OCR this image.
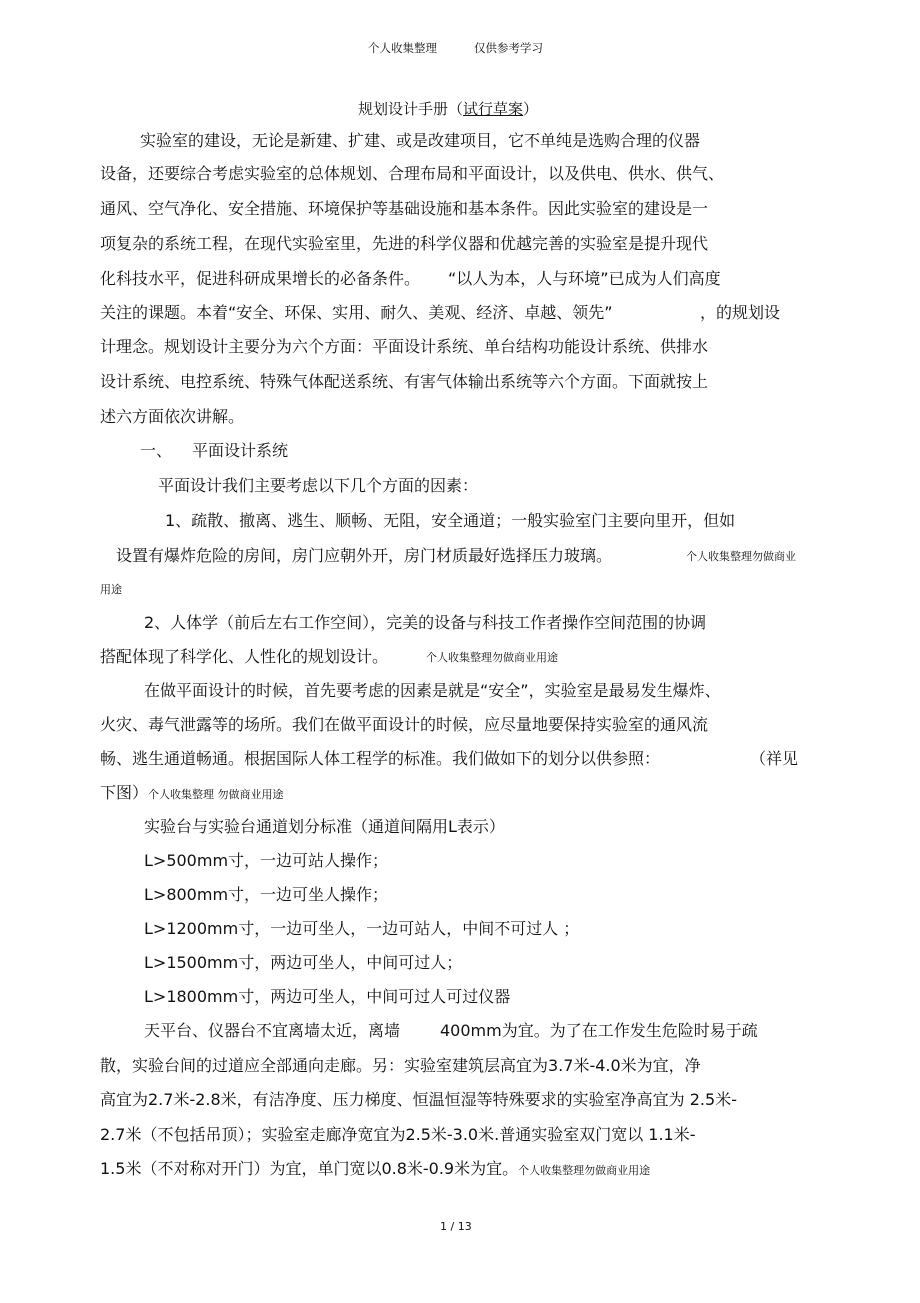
个人收集整理	仅供参考学习
规划设计手册（试行草案）
实验室的建设，无论是新建、扩建、或是改建项目，它不单纯是选购合理的仪器
设备，还要综合考虑实验室的总体规划、合理布局和平面设计，以及供电、供水、供气、
通风、空气净化、安全措施、环境保护等基础设施和基本条件。因此实验室的建设是一
项复杂的系统工程，在现代实验室里，先进的科学仪器和优越完善的实验室是提升现代
化科技水平，促进科研成果增长的必备条件。 “以人为本，人与环境”已成为人们高度
关注的课题。本着“安全、环保、实用、耐久、美观、经济、卓越、领先”	，的规划设
计理念。规划设计主要分为六个方面：平面设计系统、单台结构功能设计系统、供排水
设计系统、电控系统、特殊气体配送系统、有害气体输出系统等六个方面。下面就按上
述六方面依次讲解。
一、 平面设计系统
平面设计我们主要考虑以下几个方面的因素：
1、疏散、撤离、逃生、顺畅、无阻，安全通道；一般实验室门主要向里开，但如
设置有爆炸危险的房间，房门应朝外开，房门材质最好选择压力玻璃。	个人收集整理勿做商业
用途
2、人体学（前后左右工作空间），完美的设备与科技工作者操作空间范围的协调
搭配体现了科学化、人性化的规划设计。	个人收集整理勿做商业用途
在做平面设计的时候，首先要考虑的因素是就是“安全”，实验室是最易发生爆炸、
火灾、毒气泄露等的场所。我们在做平面设计的时候，应尽量地要保持实验室的通风流
畅、逃生通道畅通。根据国际人体工程学的标准。我们做如下的划分以供参照：	（祥见
下图）个人收集整理 勿做商业用途
实验台与实验台通道划分标准（通道间隔用L表示）
L>500mm寸，一边可站人操作；
L>800mm寸，一边可坐人操作；
L>1200mm寸，一边可坐人，一边可站人，中间不可过人 ；
L>1500mm寸，两边可坐人，中间可过人；
L>1800mm寸，两边可坐人，中间可过人可过仪器
天平台、仪器台不宜离墙太近，离墙 400mm为宜。为了在工作发生危险时易于疏
散，实验台间的过道应全部通向走廊。另：实验室建筑层高宜为3.7米-4.0米为宜，净
高宜为2.7米-2.8米，有洁净度、压力梯度、恒温恒湿等特殊要求的实验室净高宜为 2.5米-
2.7米（不包括吊顶）；实验室走廊净宽宜为2.5米-3.0米.普通实验室双门宽以 1.1米-
1.5米（不对称对开门）为宜，单门宽以0.8米-0.9米为宜。个人收集整理勿做商业用途
1 / 13
